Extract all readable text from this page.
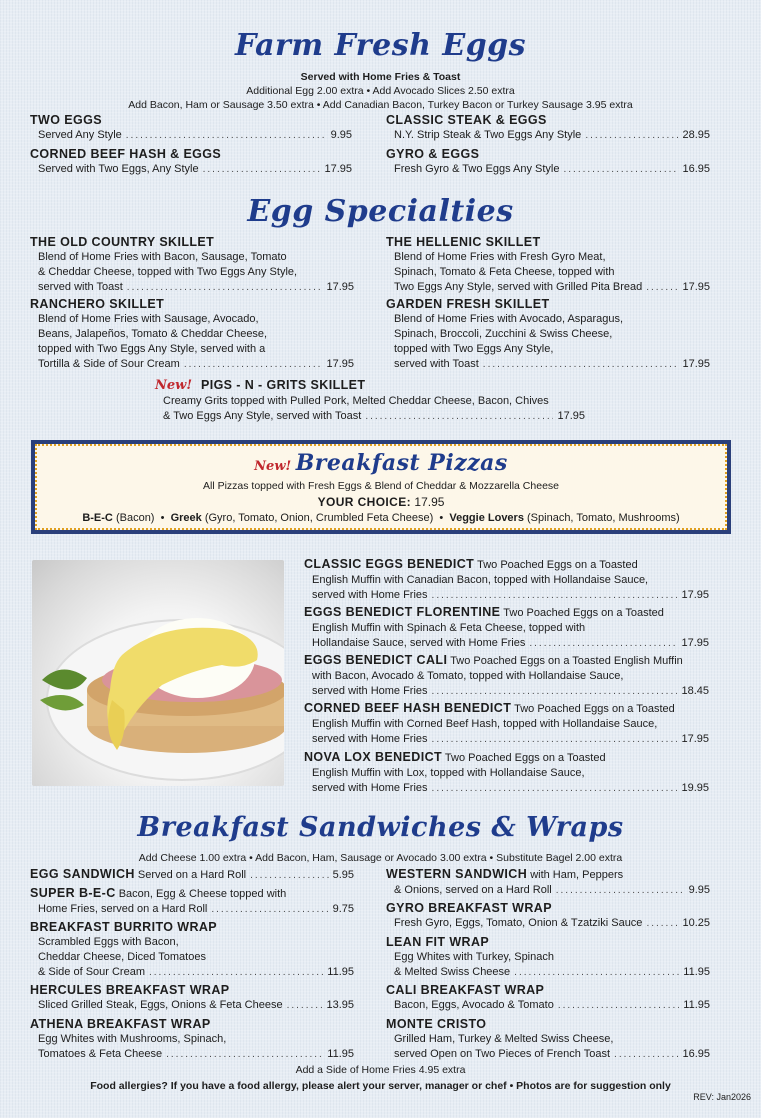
Farm Fresh Eggs
Served with Home Fries & Toast
Additional Egg 2.00 extra • Add Avocado Slices 2.50 extra
Add Bacon, Ham or Sausage 3.50 extra • Add Canadian Bacon, Turkey Bacon or Turkey Sausage 3.95 extra
TWO EGGS
Served Any Style .....	9.95
CORNED BEEF HASH & EGGS
Served with Two Eggs, Any Style .....	17.95
CLASSIC STEAK & EGGS
N.Y. Strip Steak & Two Eggs Any Style .....	28.95
GYRO & EGGS
Fresh Gyro & Two Eggs Any Style .....	16.95
Egg Specialties
THE OLD COUNTRY SKILLET
Blend of Home Fries with Bacon, Sausage, Tomato
& Cheddar Cheese, topped with Two Eggs Any Style,
served with Toast .....	17.95
RANCHERO SKILLET
Blend of Home Fries with Sausage, Avocado,
Beans, Jalapeños, Tomato & Cheddar Cheese,
topped with Two Eggs Any Style, served with a
Tortilla & Side of Sour Cream .....	17.95
THE HELLENIC SKILLET
Blend of Home Fries with Fresh Gyro Meat,
Spinach, Tomato & Feta Cheese, topped with
Two Eggs Any Style, served with Grilled Pita Bread .....	17.95
GARDEN FRESH SKILLET
Blend of Home Fries with Avocado, Asparagus,
Spinach, Broccoli, Zucchini & Swiss Cheese,
topped with Two Eggs Any Style,
served with Toast .....	17.95
New! PIGS - N - GRITS SKILLET
Creamy Grits topped with Pulled Pork, Melted Cheddar Cheese, Bacon, Chives
& Two Eggs Any Style, served with Toast .....	17.95
New! Breakfast Pizzas
All Pizzas topped with Fresh Eggs & Blend of Cheddar & Mozzarella Cheese
YOUR CHOICE: 17.95
B-E-C (Bacon)  •  Greek (Gyro, Tomato, Onion, Crumbled Feta Cheese)  •  Veggie Lovers (Spinach, Tomato, Mushrooms)
CLASSIC EGGS BENEDICT Two Poached Eggs on a Toasted
English Muffin with Canadian Bacon, topped with Hollandaise Sauce,
served with Home Fries .....	17.95
EGGS BENEDICT FLORENTINE Two Poached Eggs on a Toasted
English Muffin with Spinach & Feta Cheese, topped with
Hollandaise Sauce, served with Home Fries .....	17.95
EGGS BENEDICT CALI Two Poached Eggs on a Toasted English Muffin
with Bacon, Avocado & Tomato, topped with Hollandaise Sauce,
served with Home Fries .....	18.45
CORNED BEEF HASH BENEDICT Two Poached Eggs on a Toasted
English Muffin with Corned Beef Hash, topped with Hollandaise Sauce,
served with Home Fries .....	17.95
NOVA LOX BENEDICT Two Poached Eggs on a Toasted
English Muffin with Lox, topped with Hollandaise Sauce,
served with Home Fries .....	19.95
Breakfast Sandwiches & Wraps
Add Cheese 1.00 extra • Add Bacon, Ham, Sausage or Avocado 3.00 extra • Substitute Bagel 2.00 extra
EGG SANDWICH Served on a Hard Roll .....	5.95
SUPER B-E-C Bacon, Egg & Cheese topped with
Home Fries, served on a Hard Roll .....	9.75
BREAKFAST BURRITO WRAP
Scrambled Eggs with Bacon,
Cheddar Cheese, Diced Tomatoes
& Side of Sour Cream .....	11.95
HERCULES BREAKFAST WRAP
Sliced Grilled Steak, Eggs, Onions & Feta Cheese .....	13.95
ATHENA BREAKFAST WRAP
Egg Whites with Mushrooms, Spinach,
Tomatoes & Feta Cheese .....	11.95
WESTERN SANDWICH with Ham, Peppers
& Onions, served on a Hard Roll .....	9.95
GYRO BREAKFAST WRAP
Fresh Gyro, Eggs, Tomato, Onion & Tzatziki Sauce .....	10.25
LEAN FIT WRAP
Egg Whites with Turkey, Spinach
& Melted Swiss Cheese .....	11.95
CALI BREAKFAST WRAP
Bacon, Eggs, Avocado & Tomato .....	11.95
MONTE CRISTO
Grilled Ham, Turkey & Melted Swiss Cheese,
served Open on Two Pieces of French Toast .....	16.95
Add a Side of Home Fries 4.95 extra
Food allergies? If you have a food allergy, please alert your server, manager or chef • Photos are for suggestion only
REV: Jan2026
